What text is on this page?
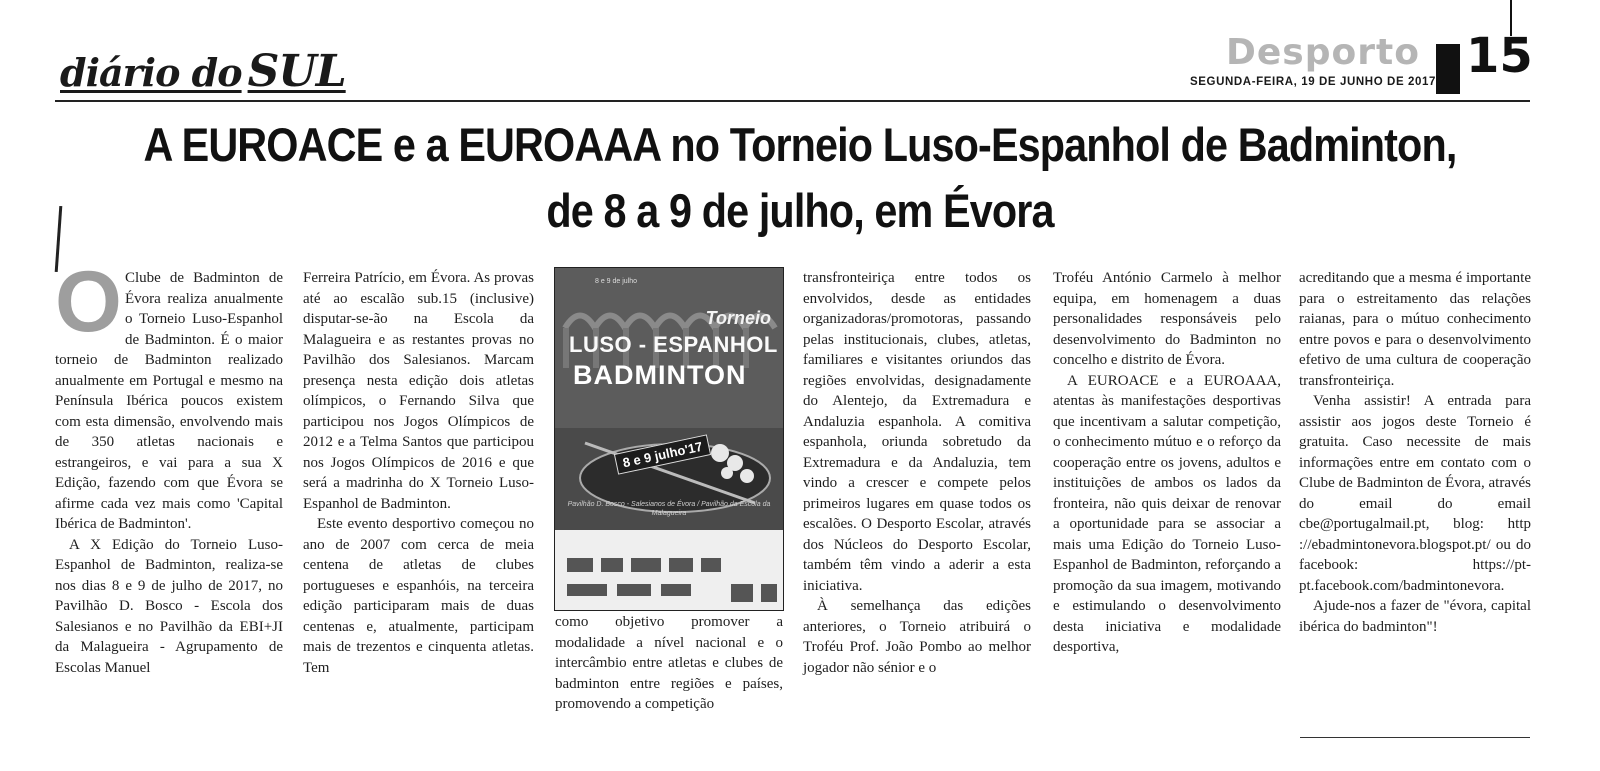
diário do SUL	Desporto
SEGUNDA-FEIRA, 19 DE JUNHO DE 2017 15
A EUROACE e a EUROAAA no Torneio Luso-Espanhol de Badminton,
de 8 a 9 de julho, em Évora

O Clube de Badminton de Évora realiza anualmente o Torneio Luso-Espanhol de Badminton. É o maior torneio de Badminton realizado anualmente em Portugal e mesmo na Península Ibérica poucos existem com esta dimensão, envolvendo mais de 350 atletas nacionais e estrangeiros, e vai para a sua X Edição, fazendo com que Évora se afirme cada vez mais como 'Capital Ibérica de Badminton'.

A X Edição do Torneio Luso-Espanhol de Badminton, realiza-se nos dias 8 e 9 de julho de 2017, no Pavilhão D. Bosco - Escola dos Salesianos e no Pavilhão da EBI+JI da Malagueira - Agrupamento de Escolas Manuel

Ferreira Patrício, em Évora. As provas até ao escalão sub.15 (inclusive) disputar-se-ão na Escola da Malagueira e as restantes provas no Pavilhão dos Salesianos. Marcam presença nesta edição dois atletas olímpicos, o Fernando Silva que participou nos Jogos Olímpicos de 2012 e a Telma Santos que participou nos Jogos Olímpicos de 2016 e que será a madrinha do X Torneio Luso-Espanhol de Badminton.

Este evento desportivo começou no ano de 2007 com cerca de meia centena de atletas de clubes portugueses e espanhóis, na terceira edição participaram mais de duas centenas e, atualmente, participam mais de trezentos e cinquenta atletas. Tem

8 e 9 de julho
Torneio
LUSO - ESPANHOL
BADMINTON
8 e 9 julho'17
Pavilhão D. Bosco - Salesianos de Évora / Pavilhão da Escola da Malagueira

como objetivo promover a modalidade a nível nacional e o intercâmbio entre atletas e clubes de badminton entre regiões e países, promovendo a competição

transfronteiriça entre todos os envolvidos, desde as entidades organizadoras/promotoras, passando pelas institucionais, clubes, atletas, familiares e visitantes oriundos das regiões envolvidas, designadamente do Alentejo, da Extremadura e Andaluzia espanhola. A comitiva espanhola, oriunda sobretudo da Extremadura e da Andaluzia, tem vindo a crescer e compete pelos primeiros lugares em quase todos os escalões. O Desporto Escolar, através dos Núcleos do Desporto Escolar, também têm vindo a aderir a esta iniciativa.

À semelhança das edições anteriores, o Torneio atribuirá o Troféu Prof. João Pombo ao melhor jogador não sénior e o

Troféu António Carmelo à melhor equipa, em homenagem a duas personalidades responsáveis pelo desenvolvimento do Badminton no concelho e distrito de Évora.

A EUROACE e a EUROAAA, atentas às manifestações desportivas que incentivam a salutar competição, o conhecimento mútuo e o reforço da cooperação entre os jovens, adultos e instituições de ambos os lados da fronteira, não quis deixar de renovar a oportunidade para se associar a mais uma Edição do Torneio Luso-Espanhol de Badminton, reforçando a promoção da sua imagem, motivando e estimulando o desenvolvimento desta iniciativa e modalidade desportiva,

acreditando que a mesma é importante para o estreitamento das relações raianas, para o mútuo conhecimento entre povos e para o desenvolvimento efetivo de uma cultura de cooperação transfronteiriça.

Venha assistir! A entrada para assistir aos jogos deste Torneio é gratuita. Caso necessite de mais informações entre em contato com o Clube de Badminton de Évora, através do email do email cbe@portugalmail.pt, blog: http ://ebadmintonevora.blogspot.pt/ ou do facebook: https://pt-pt.facebook.com/badmintonevora.

Ajude-nos a fazer de "évora, capital ibérica do badminton"!
